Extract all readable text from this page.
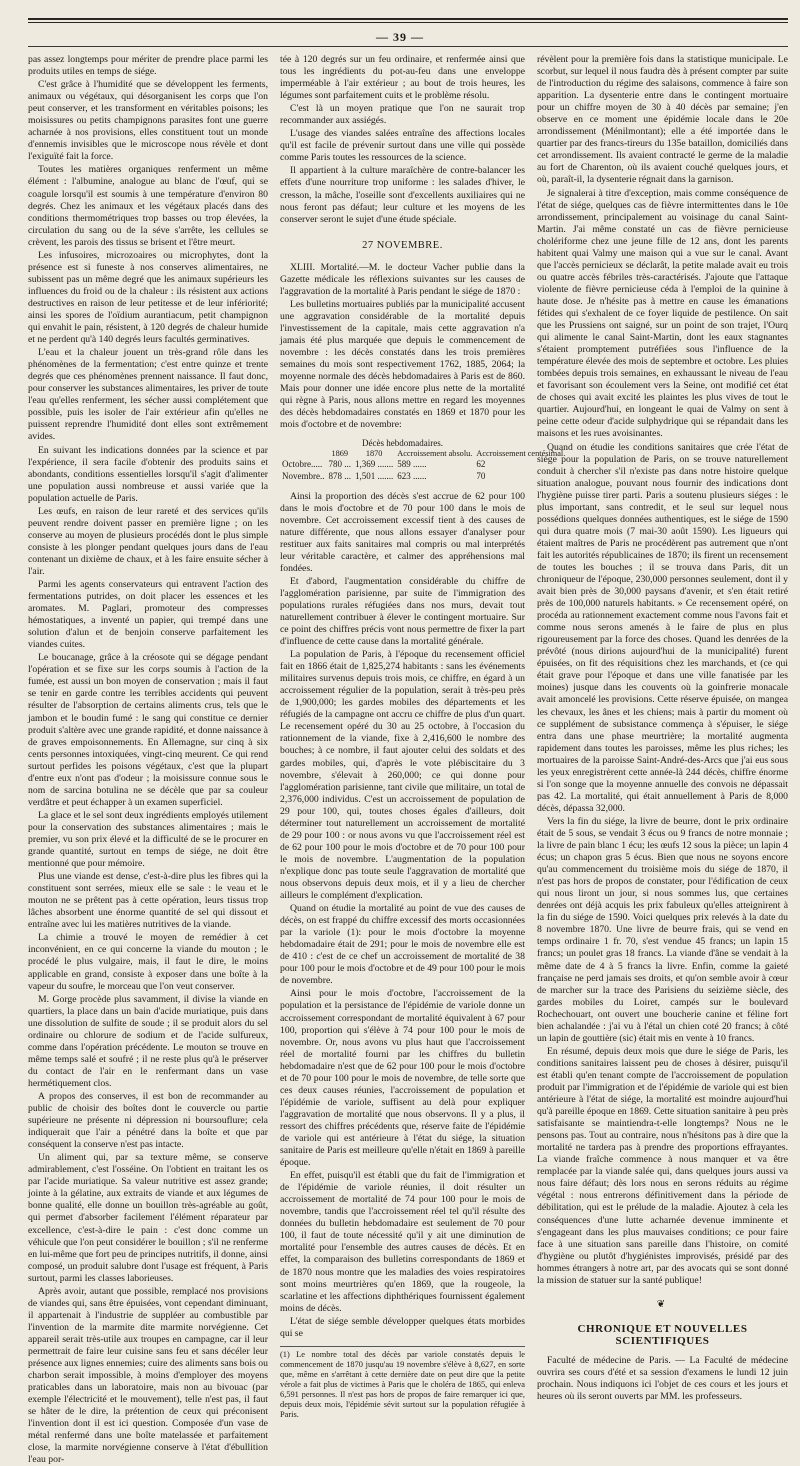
— 39 —

pas assez longtemps pour mériter de prendre place parmi les produits utiles en temps de siége.

C'est grâce à l'humidité que se développent les ferments, animaux ou végétaux, qui désorganisent les corps que l'on peut conserver, et les transforment en véritables poisons; les moisissures ou petits champignons parasites font une guerre acharnée à nos provisions, elles constituent tout un monde d'ennemis invisibles que le microscope nous révèle et dont l'exiguïté fait la force.

Toutes les matières organiques renferment un même élément : l'albumine, analogue au blanc de l'œuf, qui se coagule lorsqu'il est soumis à une température d'environ 80 degrés. Chez les animaux et les végétaux placés dans des conditions thermométriques trop basses ou trop élevées, la circulation du sang ou de la séve s'arrête, les cellules se crèvent, les parois des tissus se brisent et l'être meurt.

Les infusoires, microzoaires ou microphytes, dont la présence est si funeste à nos conserves alimentaires, ne subissent pas un même degré que les animaux supérieurs les influences du froid ou de la chaleur : ils résistent aux actions destructives en raison de leur petitesse et de leur infériorité; ainsi les spores de l'oïdium aurantiacum, petit champignon qui envahit le pain, résistent, à 120 degrés de chaleur humide et ne perdent qu'à 140 degrés leurs facultés germinatives.

L'eau et la chaleur jouent un très-grand rôle dans les phénomènes de la fermentation; c'est entre quinze et trente degrés que ces phénomènes prennent naissance. Il faut donc, pour conserver les substances alimentaires, les priver de toute l'eau qu'elles renferment, les sécher aussi complétement que possible, puis les isoler de l'air extérieur afin qu'elles ne puissent reprendre l'humidité dont elles sont extrêmement avides.

En suivant les indications données par la science et par l'expérience, il sera facile d'obtenir des produits sains et abondants, conditions essentielles lorsqu'il s'agit d'alimenter une population aussi nombreuse et aussi variée que la population actuelle de Paris.

Les œufs, en raison de leur rareté et des services qu'ils peuvent rendre doivent passer en première ligne ; on les conserve au moyen de plusieurs procédés dont le plus simple consiste à les plonger pendant quelques jours dans de l'eau contenant un dixième de chaux, et à les faire ensuite sécher à l'air.

Parmi les agents conservateurs qui entravent l'action des fermentations putrides, on doit placer les essences et les aromates. M. Paglari, promoteur des compresses hémostatiques, a inventé un papier, qui trempé dans une solution d'alun et de benjoin conserve parfaitement les viandes cuites.

Le boucanage, grâce à la créosote qui se dégage pendant l'opération et se fixe sur les corps soumis à l'action de la fumée, est aussi un bon moyen de conservation ; mais il faut se tenir en garde contre les terribles accidents qui peuvent résulter de l'absorption de certains aliments crus, tels que le jambon et le boudin fumé : le sang qui constitue ce dernier produit s'altère avec une grande rapidité, et donne naissance à de graves empoisonnements. En Allemagne, sur cinq à six cents personnes intoxiquées, vingt-cinq meurent. Ce qui rend surtout perfides les poisons végétaux, c'est que la plupart d'entre eux n'ont pas d'odeur ; la moisissure connue sous le nom de sarcina botulina ne se décèle que par sa couleur verdâtre et peut échapper à un examen superficiel.

La glace et le sel sont deux ingrédients employés utilement pour la conservation des substances alimentaires ; mais le premier, vu son prix élevé et la difficulté de se le procurer en grande quantité, surtout en temps de siége, ne doit être mentionné que pour mémoire.

Plus une viande est dense, c'est-à-dire plus les fibres qui la constituent sont serrées, mieux elle se sale : le veau et le mouton ne se prêtent pas à cette opération, leurs tissus trop lâches absorbent une énorme quantité de sel qui dissout et entraîne avec lui les matières nutritives de la viande.

La chimie a trouvé le moyen de remédier à cet inconvénient, en ce qui concerne la viande du mouton ; le procédé le plus vulgaire, mais, il faut le dire, le moins applicable en grand, consiste à exposer dans une boîte à la vapeur du soufre, le morceau que l'on veut conserver.

M. Gorge procède plus savamment, il divise la viande en quartiers, la place dans un bain d'acide muriatique, puis dans une dissolution de sulfite de soude ; il se produit alors du sel ordinaire ou chlorure de sodium et de l'acide sulfureux, comme dans l'opération précédente. Le mouton se trouve en même temps salé et soufré ; il ne reste plus qu'à le préserver du contact de l'air en le renfermant dans un vase hermétiquement clos.

A propos des conserves, il est bon de recommander au public de choisir des boîtes dont le couvercle ou partie supérieure ne présente ni dépression ni boursouflure; cela indiquerait que l'air a pénétré dans la boîte et que par conséquent la conserve n'est pas intacte.

Un aliment qui, par sa texture même, se conserve admirablement, c'est l'osséine. On l'obtient en traitant les os par l'acide muriatique. Sa valeur nutritive est assez grande; jointe à la gélatine, aux extraits de viande et aux légumes de bonne qualité, elle donne un bouillon très-agréable au goût, qui permet d'absorber facilement l'élément réparateur par excellence, c'est-à-dire le pain : c'est donc comme un véhicule que l'on peut considérer le bouillon ; s'il ne renferme en lui-même que fort peu de principes nutritifs, il donne, ainsi composé, un produit salubre dont l'usage est fréquent, à Paris surtout, parmi les classes laborieuses.

Après avoir, autant que possible, remplacé nos provisions de viandes qui, sans être épuisées, vont cependant diminuant, il appartenait à l'industrie de suppléer au combustible par l'invention de la marmite dite marmite norvégienne. Cet appareil serait très-utile aux troupes en campagne, car il leur permettrait de faire leur cuisine sans feu et sans décéler leur présence aux lignes ennemies; cuire des aliments sans bois ou charbon serait impossible, à moins d'employer des moyens praticables dans un laboratoire, mais non au bivouac (par exemple l'électricité et le mouvement), telle n'est pas, il faut se hâter de le dire, la prétention de ceux qui préconisent l'invention dont il est ici question. Composée d'un vase de métal renfermé dans une boîte matelassée et parfaitement close, la marmite norvégienne conserve à l'état d'ébullition l'eau por-

tée à 120 degrés sur un feu ordinaire, et renfermée ainsi que tous les ingrédients du pot-au-feu dans une enveloppe imperméable à l'air extérieur ; au bout de trois heures, les légumes sont parfaitement cuits et le problème résolu.

C'est là un moyen pratique que l'on ne saurait trop recommander aux assiégés.

L'usage des viandes salées entraîne des affections locales qu'il est facile de prévenir surtout dans une ville qui possède comme Paris toutes les ressources de la science.

Il appartient à la culture maraîchère de contre-balancer les effets d'une nourriture trop uniforme : les salades d'hiver, le cresson, la mâche, l'oseille sont d'excellents auxiliaires qui ne nous feront pas défaut; leur culture et les moyens de les conserver seront le sujet d'une étude spéciale.

27 NOVEMBRE.

XLIII. Mortalité.—M. le docteur Vacher publie dans la Gazette médicale les réflexions suivantes sur les causes de l'aggravation de la mortalité à Paris pendant le siége de 1870 :

Les bulletins mortuaires publiés par la municipalité accusent une aggravation considérable de la mortalité depuis l'investissement de la capitale, mais cette aggravation n'a jamais été plus marquée que depuis le commencement de novembre : les décès constatés dans les trois premières semaines du mois sont respectivement 1762, 1885, 2064; la moyenne normale des décès hebdomadaires à Paris est de 860. Mais pour donner une idée encore plus nette de la mortalité qui règne à Paris, nous allons mettre en regard les moyennes des décès hebdomadaires constatés en 1869 et 1870 pour les mois d'octobre et de novembre:

Décès hebdomadaires.
	1869	1870	Accroissement absolu.	Accroissement centésimal.
Octobre.....	780 ...	1,369 .......	589 ......	62
Novembre..	878 ...	1,501 .......	623 ......	70

Ainsi la proportion des décès s'est accrue de 62 pour 100 dans le mois d'octobre et de 70 pour 100 dans le mois de novembre. Cet accroissement excessif tient à des causes de nature différente, que nous allons essayer d'analyser pour restituer aux faits sanitaires mal compris ou mal interprétés leur véritable caractère, et calmer des appréhensions mal fondées.

Et d'abord, l'augmentation considérable du chiffre de l'agglomération parisienne, par suite de l'immigration des populations rurales réfugiées dans nos murs, devait tout naturellement contribuer à élever le contingent mortuaire. Sur ce point des chiffres précis vont nous permettre de fixer la part d'influence de cette cause dans la mortalité générale.

La population de Paris, à l'époque du recensement officiel fait en 1866 était de 1,825,274 habitants : sans les événements militaires survenus depuis trois mois, ce chiffre, en égard à un accroissement régulier de la population, serait à très-peu près de 1,900,000; les gardes mobiles des départements et les réfugiés de la campagne ont accru ce chiffre de plus d'un quart. Le recensement opéré du 30 au 25 octobre, à l'occasion du rationnement de la viande, fixe à 2,416,600 le nombre des bouches; à ce nombre, il faut ajouter celui des soldats et des gardes mobiles, qui, d'après le vote plébiscitaire du 3 novembre, s'élevait à 260,000; ce qui donne pour l'agglomération parisienne, tant civile que militaire, un total de 2,376,000 individus. C'est un accroissement de population de 29 pour 100, qui, toutes choses égales d'ailleurs, doit déterminer tout naturellement un accroissement de mortalité de 29 pour 100 : or nous avons vu que l'accroissement réel est de 62 pour 100 pour le mois d'octobre et de 70 pour 100 pour le mois de novembre. L'augmentation de la population n'explique donc pas toute seule l'aggravation de mortalité que nous observons depuis deux mois, et il y a lieu de chercher ailleurs le complément d'explication.

Quand on étudie la mortalité au point de vue des causes de décès, on est frappé du chiffre excessif des morts occasionnées par la variole (1): pour le mois d'octobre la moyenne hebdomadaire était de 291; pour le mois de novembre elle est de 410 : c'est de ce chef un accroissement de mortalité de 38 pour 100 pour le mois d'octobre et de 49 pour 100 pour le mois de novembre.

Ainsi pour le mois d'octobre, l'accroissement de la population et la persistance de l'épidémie de variole donne un accroissement correspondant de mortalité équivalent à 67 pour 100, proportion qui s'élève à 74 pour 100 pour le mois de novembre. Or, nous avons vu plus haut que l'accroissement réel de mortalité fourni par les chiffres du bulletin hebdomadaire n'est que de 62 pour 100 pour le mois d'octobre et de 70 pour 100 pour le mois de novembre, de telle sorte que ces deux causes réunies, l'accroissement de population et l'épidémie de variole, suffisent au delà pour expliquer l'aggravation de mortalité que nous observons. Il y a plus, il ressort des chiffres précédents que, réserve faite de l'épidémie de variole qui est antérieure à l'état du siége, la situation sanitaire de Paris est meilleure qu'elle n'était en 1869 à pareille époque.

En effet, puisqu'il est établi que du fait de l'immigration et de l'épidémie de variole réunies, il doit résulter un accroissement de mortalité de 74 pour 100 pour le mois de novembre, tandis que l'accroissement réel tel qu'il résulte des données du bulletin hebdomadaire est seulement de 70 pour 100, il faut de toute nécessité qu'il y ait une diminution de mortalité pour l'ensemble des autres causes de décès. Et en effet, la comparaison des bulletins correspondants de 1869 et de 1870 nous montre que les maladies des voies respiratoires sont moins meurtrières qu'en 1869, que la rougeole, la scarlatine et les affections diphthériques fournissent également moins de décès.

L'état de siége semble développer quelques états morbides qui se

(1) Le nombre total des décès par variole constatés depuis le commencement de 1870 jusqu'au 19 novembre s'élève à 8,627, en sorte que, même en s'arrêtant à cette dernière date on peut dire que la petite vérole a fait plus de victimes à Paris que le choléra de 1865, qui enleva 6,591 personnes. Il n'est pas hors de propos de faire remarquer ici que, depuis deux mois, l'épidémie sévit surtout sur la population réfugiée à Paris.

révèlent pour la première fois dans la statistique municipale. Le scorbut, sur lequel il nous faudra dès à présent compter par suite de l'introduction du régime des salaisons, commence à faire son apparition. La dysenterie entre dans le contingent mortuaire pour un chiffre moyen de 30 à 40 décès par semaine; j'en observe en ce moment une épidémie locale dans le 20e arrondissement (Ménilmontant); elle a été importée dans le quartier par des francs-tireurs du 135e bataillon, domiciliés dans cet arrondissement. Ils avaient contracté le germe de la maladie au fort de Charenton, où ils avaient couché quelques jours, et où, paraît-il, la dysenterie régnait dans la garnison.

Je signalerai à titre d'exception, mais comme conséquence de l'état de siége, quelques cas de fièvre intermittentes dans le 10e arrondissement, principalement au voisinage du canal Saint-Martin. J'ai même constaté un cas de fièvre pernicieuse cholériforme chez une jeune fille de 12 ans, dont les parents habitent quai Valmy une maison qui a vue sur le canal. Avant que l'accès pernicieux se déclarât, la petite malade avait eu trois ou quatre accès fébriles très-caractérisés. J'ajoute que l'attaque violente de fièvre pernicieuse céda à l'emploi de la quinine à haute dose. Je n'hésite pas à mettre en cause les émanations fétides qui s'exhalent de ce foyer liquide de pestilence. On sait que les Prussiens ont saigné, sur un point de son trajet, l'Ourq qui alimente le canal Saint-Martin, dont les eaux stagnantes s'étaient promptement putréfiées sous l'influence de la température élevée des mois de septembre et octobre. Les pluies tombées depuis trois semaines, en exhaussant le niveau de l'eau et favorisant son écoulement vers la Seine, ont modifié cet état de choses qui avait excité les plaintes les plus vives de tout le quartier. Aujourd'hui, en longeant le quai de Valmy on sent à peine cette odeur d'acide sulphydrique qui se répandait dans les maisons et les rues avoisinantes.

Quand on étudie les conditions sanitaires que crée l'état de siége pour la population de Paris, on se trouve naturellement conduit à chercher s'il n'existe pas dans notre histoire quelque situation analogue, pouvant nous fournir des indications dont l'hygiène puisse tirer parti. Paris a soutenu plusieurs siéges : le plus important, sans contredit, et le seul sur lequel nous possédions quelques données authentiques, est le siége de 1590 qui dura quatre mois (7 mai-30 août 1590). Les ligueurs qui étaient maîtres de Paris ne procédèrent pas autrement que n'ont fait les autorités républicaines de 1870; ils firent un recensement de toutes les bouches ; il se trouva dans Paris, dit un chroniqueur de l'époque, 230,000 personnes seulement, dont il y avait bien près de 30,000 paysans d'avenir, et s'en était retiré près de 100,000 naturels habitants. » Ce recensement opéré, on procéda au rationnement exactement comme nous l'avons fait et comme nous serons amenés à le faire de plus en plus rigoureusement par la force des choses. Quand les denrées de la prévôté (nous dirions aujourd'hui de la municipalité) furent épuisées, on fit des réquisitions chez les marchands, et (ce qui était grave pour l'époque et dans une ville fanatisée par les moines) jusque dans les couvents où la goinfrerie monacale avait amoncelé les provisions. Cette réserve épuisée, on mangea les chevaux, les ânes et les chiens; mais à partir du moment où ce supplément de subsistance commença à s'épuiser, le siége entra dans une phase meurtrière; la mortalité augmenta rapidement dans toutes les paroisses, même les plus riches; les mortuaires de la paroisse Saint-André-des-Arcs que j'ai eus sous les yeux enregistrèrent cette année-là 244 décès, chiffre énorme si l'on songe que la moyenne annuelle des convois ne dépassait pas 42. La mortalité, qui était annuellement à Paris de 8,000 décès, dépassa 32,000.

Vers la fin du siége, la livre de beurre, dont le prix ordinaire était de 5 sous, se vendait 3 écus ou 9 francs de notre monnaie ; la livre de pain blanc 1 écu; les œufs 12 sous la pièce; un lapin 4 écus; un chapon gras 5 écus. Bien que nous ne soyons encore qu'au commencement du troisième mois du siége de 1870, il n'est pas hors de propos de constater, pour l'édification de ceux qui nous liront un jour, si nous sommes lus, que certaines denrées ont déjà acquis les prix fabuleux qu'elles atteignirent à la fin du siége de 1590. Voici quelques prix relevés à la date du 8 novembre 1870. Une livre de beurre frais, qui se vend en temps ordinaire 1 fr. 70, s'est vendue 45 francs; un lapin 15 francs; un poulet gras 18 francs. La viande d'âne se vendait à la même date de 4 à 5 francs la livre. Enfin, comme la gaieté française ne perd jamais ses droits, et qu'on semble avoir à cœur de marcher sur la trace des Parisiens du seizième siècle, des gardes mobiles du Loiret, campés sur le boulevard Rochechouart, ont ouvert une boucherie canine et féline fort bien achalandée : j'ai vu à l'étal un chien coté 20 francs; à côté un lapin de gouttière (sic) était mis en vente à 10 francs.

En résumé, depuis deux mois que dure le siége de Paris, les conditions sanitaires laissent peu de choses à désirer, puisqu'il est établi qu'en tenant compte de l'accroissement de population produit par l'immigration et de l'épidémie de variole qui est bien antérieure à l'état de siége, la mortalité est moindre aujourd'hui qu'à pareille époque en 1869. Cette situation sanitaire à peu près satisfaisante se maintiendra-t-elle longtemps? Nous ne le pensons pas. Tout au contraire, nous n'hésitons pas à dire que la mortalité ne tardera pas à prendre des proportions effrayantes. La viande fraîche commence à nous manquer et va être remplacée par la viande salée qui, dans quelques jours aussi va nous faire défaut; dès lors nous en serons réduits au régime végétal : nous entrerons définitivement dans la période de débilitation, qui est le prélude de la maladie. Ajoutez à cela les conséquences d'une lutte acharnée devenue imminente et s'engageant dans les plus mauvaises conditions; ce pour faire face à une situation sans pareille dans l'histoire, on comité d'hygiène ou plutôt d'hygiénistes improvisés, présidé par des hommes étrangers à notre art, par des avocats qui se sont donné la mission de statuer sur la santé publique!

❦
CHRONIQUE ET NOUVELLES SCIENTIFIQUES

Faculté de médecine de Paris. — La Faculté de médecine ouvrira ses cours d'été et sa session d'examens le lundi 12 juin prochain. Nous indiquons ici l'objet de ces cours et les jours et heures où ils seront ouverts par MM. les professeurs.
